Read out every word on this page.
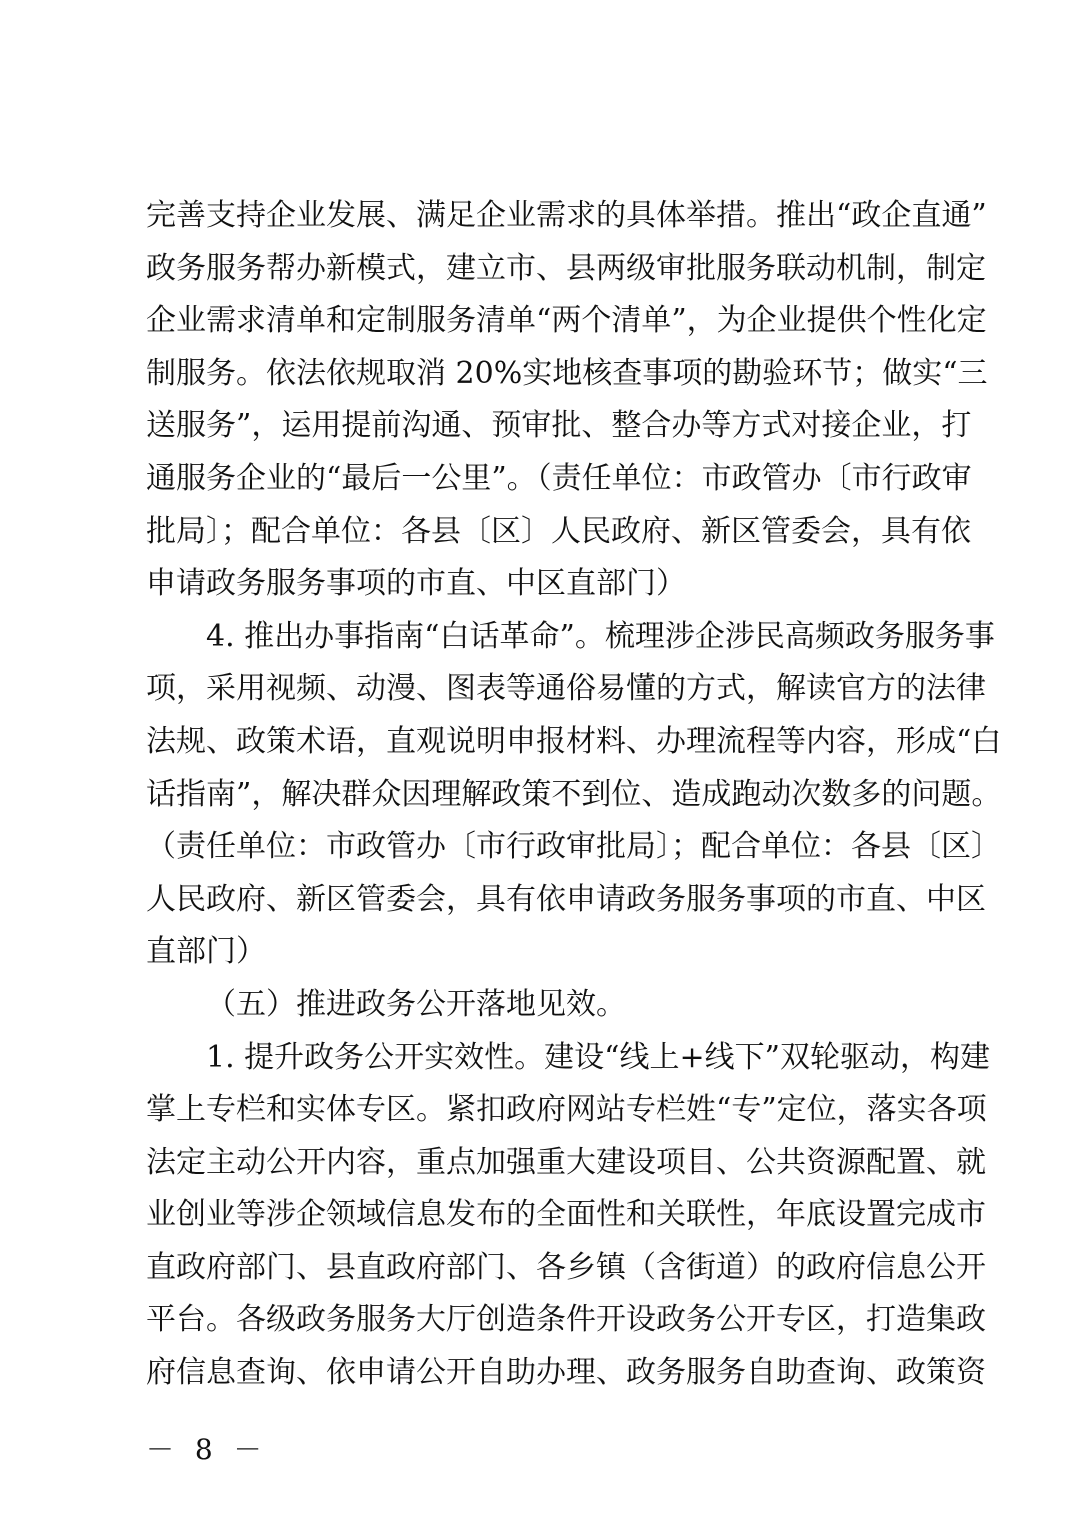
完善支持企业发展、满足企业需求的具体举措。推出“政企直通”
政务服务帮办新模式，建立市、县两级审批服务联动机制，制定
企业需求清单和定制服务清单“两个清单”，为企业提供个性化定
制服务。依法依规取消 20%实地核查事项的勘验环节；做实“三
送服务”，运用提前沟通、预审批、整合办等方式对接企业，打
通服务企业的“最后一公里”。（责任单位：市政管办〔市行政审
批局〕；配合单位：各县〔区〕人民政府、新区管委会，具有依
申请政务服务事项的市直、中区直部门）
4. 推出办事指南“白话革命”。梳理涉企涉民高频政务服务事
项，采用视频、动漫、图表等通俗易懂的方式，解读官方的法律
法规、政策术语，直观说明申报材料、办理流程等内容，形成“白
话指南”，解决群众因理解政策不到位、造成跑动次数多的问题。
（责任单位：市政管办〔市行政审批局〕；配合单位：各县〔区〕
人民政府、新区管委会，具有依申请政务服务事项的市直、中区
直部门）
（五）推进政务公开落地见效。
1. 提升政务公开实效性。建设“线上+线下”双轮驱动，构建
掌上专栏和实体专区。紧扣政府网站专栏姓“专”定位，落实各项
法定主动公开内容，重点加强重大建设项目、公共资源配置、就
业创业等涉企领域信息发布的全面性和关联性，年底设置完成市
直政府部门、县直政府部门、各乡镇（含街道）的政府信息公开
平台。各级政务服务大厅创造条件开设政务公开专区，打造集政
府信息查询、依申请公开自助办理、政务服务自助查询、政策资
－ 8 －
